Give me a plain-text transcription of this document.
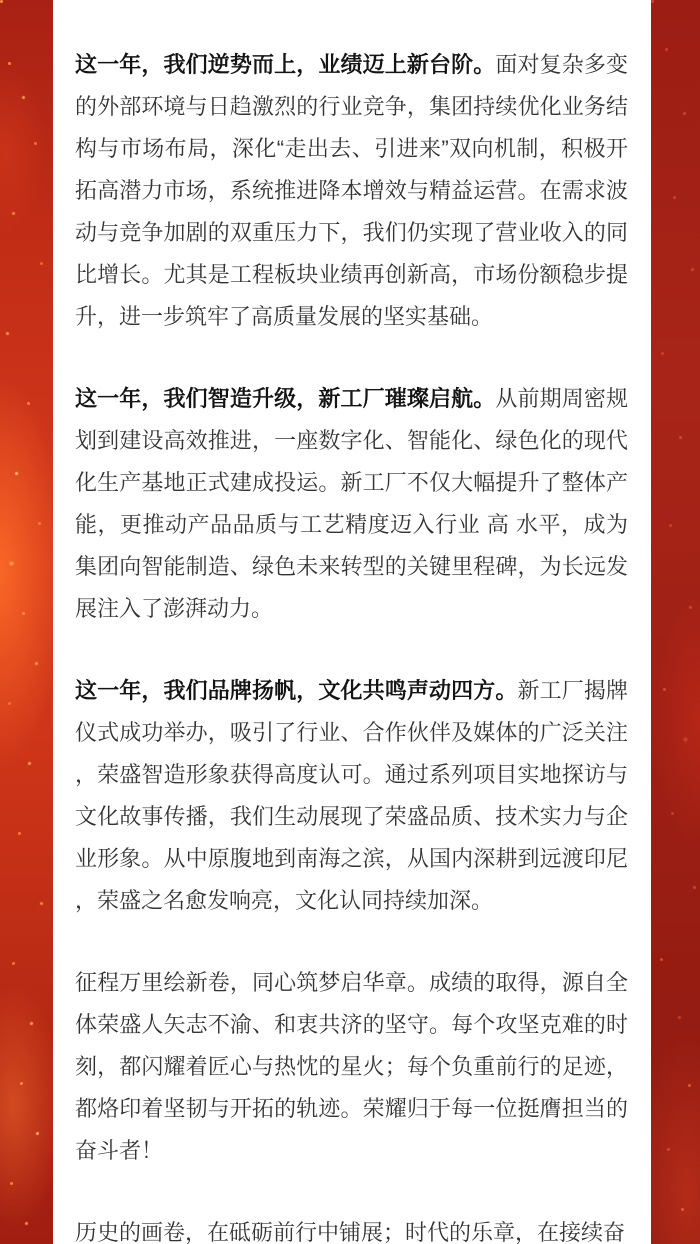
这一年，我们逆势而上，业绩迈上新台阶。面对复杂多变的外部环境与日趋激烈的行业竞争，集团持续优化业务结构与市场布局，深化“走出去、引进来”双向机制，积极开拓高潜力市场，系统推进降本增效与精益运营。在需求波动与竞争加剧的双重压力下，我们仍实现了营业收入的同比增长。尤其是工程板块业绩再创新高，市场份额稳步提升，进一步筑牢了高质量发展的坚实基础。

这一年，我们智造升级，新工厂璀璨启航。从前期周密规划到建设高效推进，一座数字化、智能化、绿色化的现代化生产基地正式建成投运。新工厂不仅大幅提升了整体产能，更推动产品品质与工艺精度迈入行业 高 水平，成为集团向智能制造、绿色未来转型的关键里程碑，为长远发展注入了澎湃动力。

这一年，我们品牌扬帆，文化共鸣声动四方。新工厂揭牌仪式成功举办，吸引了行业、合作伙伴及媒体的广泛关注，荣盛智造形象获得高度认可。通过系列项目实地探访与文化故事传播，我们生动展现了荣盛品质、技术实力与企业形象。从中原腹地到南海之滨，从国内深耕到远渡印尼，荣盛之名愈发响亮，文化认同持续加深。

征程万里绘新卷，同心筑梦启华章。成绩的取得，源自全体荣盛人矢志不渝、和衷共济的坚守。每个攻坚克难的时刻，都闪耀着匠心与热忱的星火；每个负重前行的足迹，都烙印着坚韧与开拓的轨迹。荣耀归于每一位挺膺担当的奋斗者！

历史的画卷，在砥砺前行中铺展；时代的乐章，在接续奋
